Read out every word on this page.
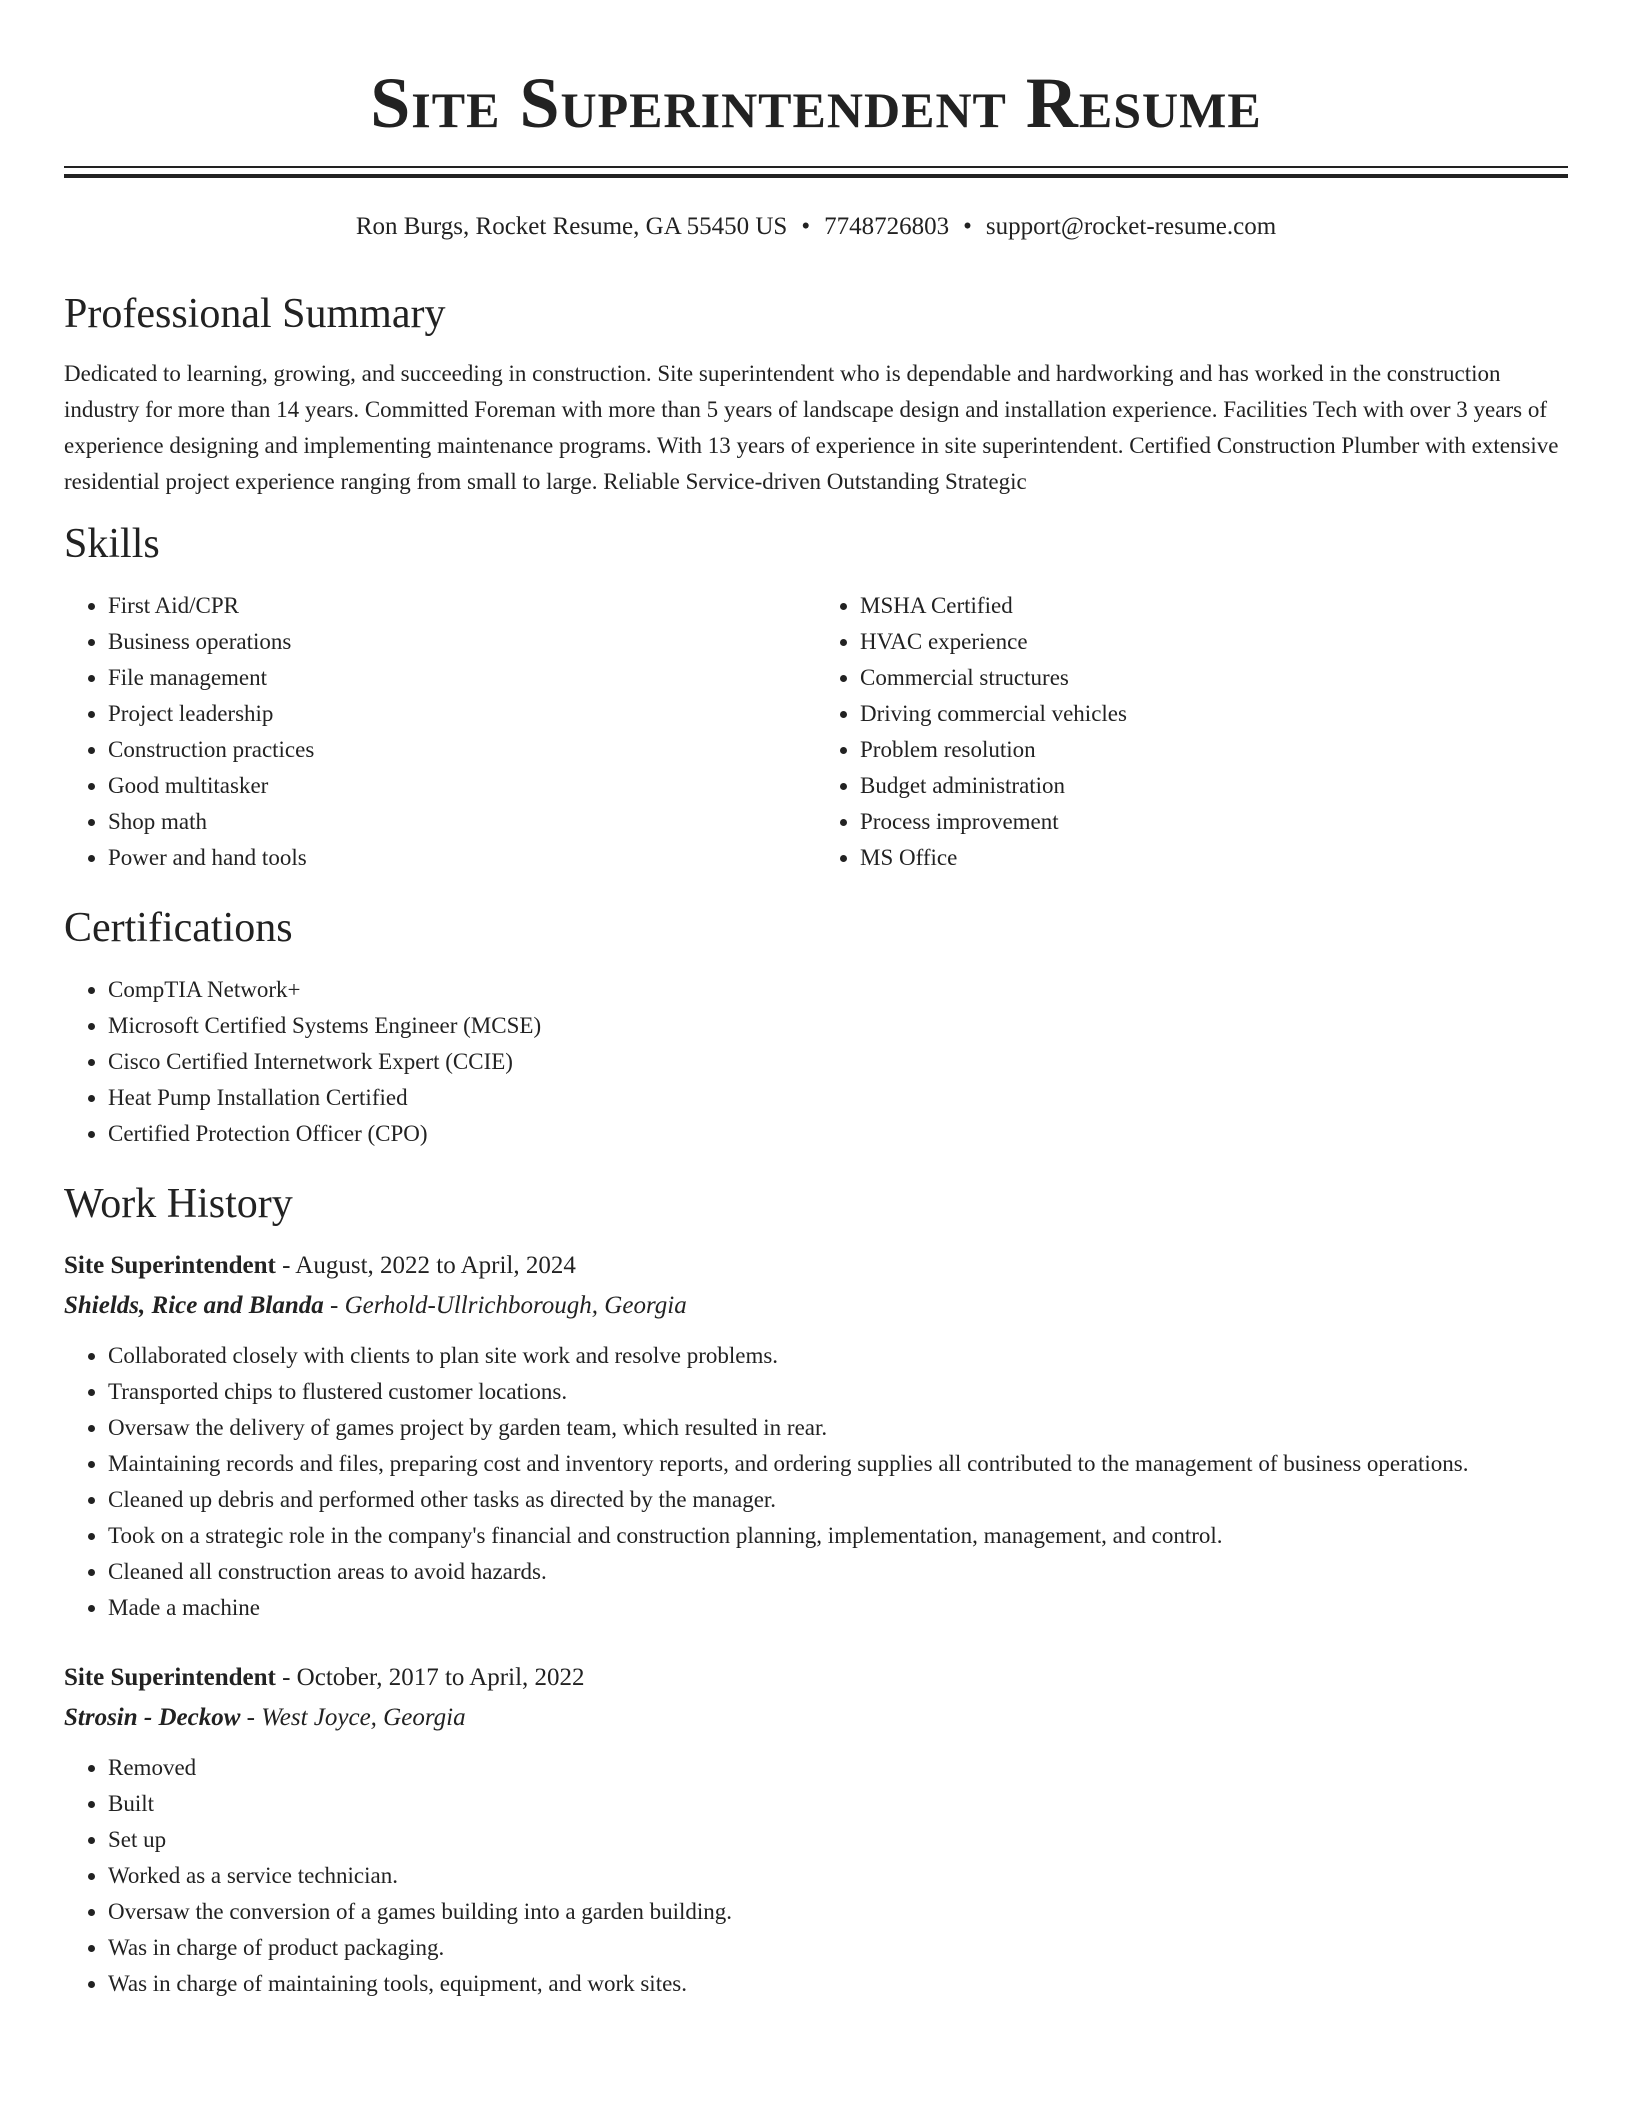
Site Superintendent Resume
Ron Burgs, Rocket Resume, GA 55450 US • 7748726803 • support@rocket-resume.com
Professional Summary

Dedicated to learning, growing, and succeeding in construction. Site superintendent who is dependable and hardworking and has worked in the construction industry for more than 14 years. Committed Foreman with more than 5 years of landscape design and installation experience. Facilities Tech with over 3 years of experience designing and implementing maintenance programs. With 13 years of experience in site superintendent. Certified Construction Plumber with extensive residential project experience ranging from small to large. Reliable Service-driven Outstanding Strategic

Skills
• First Aid/CPR
• Business operations
• File management
• Project leadership
• Construction practices
• Good multitasker
• Shop math
• Power and hand tools
• MSHA Certified
• HVAC experience
• Commercial structures
• Driving commercial vehicles
• Problem resolution
• Budget administration
• Process improvement
• MS Office
Certifications
• CompTIA Network+
• Microsoft Certified Systems Engineer (MCSE)
• Cisco Certified Internetwork Expert (CCIE)
• Heat Pump Installation Certified
• Certified Protection Officer (CPO)
Work History
Site Superintendent - August, 2022 to April, 2024
Shields, Rice and Blanda - Gerhold-Ullrichborough, Georgia
• Collaborated closely with clients to plan site work and resolve problems.
• Transported chips to flustered customer locations.
• Oversaw the delivery of games project by garden team, which resulted in rear.
• Maintaining records and files, preparing cost and inventory reports, and ordering supplies all contributed to the management of business operations.
• Cleaned up debris and performed other tasks as directed by the manager.
• Took on a strategic role in the company's financial and construction planning, implementation, management, and control.
• Cleaned all construction areas to avoid hazards.
• Made a machine
Site Superintendent - October, 2017 to April, 2022
Strosin - Deckow - West Joyce, Georgia
• Removed
• Built
• Set up
• Worked as a service technician.
• Oversaw the conversion of a games building into a garden building.
• Was in charge of product packaging.
• Was in charge of maintaining tools, equipment, and work sites.
